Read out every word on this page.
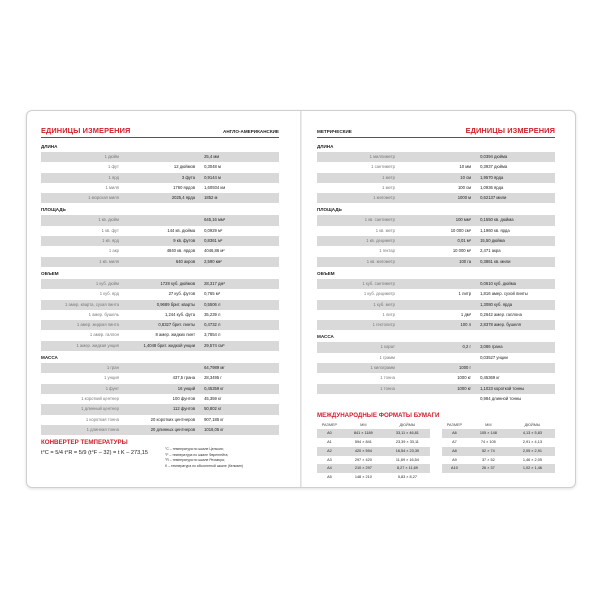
ЕДИНИЦЫ ИЗМЕРЕНИЯ	АНГЛО-АМЕРИКАНСКИЕ
ДЛИНА
1 дюйм		25,4 мм
1 фут	12 дюймов	0,3048 м
1 ярд	3 фута	0,9144 м
1 миля	1760 ярдов	1,60934 км
1 морская миля	2025,4 ярда	1852 м
ПЛОЩАДЬ
1 кв. дюйм		645,16 мм²
1 кв. фут	144 кв. дюйма	0,0929 м²
1 кв. ярд	9 кв. футов	0,8361 м²
1 акр	4840 кв. ярдов	4046,86 м²
1 кв. миля	640 акров	2,590 км²
ОБЪЕМ
1 куб. дюйм	1728 куб. дюймов	28,317 дм³
1 куб. ярд	27 куб. футов	0,765 м³
1 амер. кварта, сухая пинта	0,9689 брит. кварты	0,5506 л
1 амер. бушель	1,244 куб. фута	35,239 л
1 амер. жидкая пинта	0,8327 брит. пинты	0,4732 л
1 амер. галлон	8 амер. жидких пинт	3,7854 л
1 амер. жидкая унция	1,4048 брит. жидкой унции	29,574 см³
МАССА
1 гран		64,7989 мг
1 унция	437,5 грана	28,3495 г
1 фунт	16 унций	0,45359 кг
1 короткий центнер	100 фунтов	45,359 кг
1 длинный центнер	112 фунтов	50,802 кг
1 короткая тонна	20 коротких центнеров	907,185 кг
1 длинная тонна	20 длинных центнеров	1016,05 кг
КОНВЕРТЕР ТЕМПЕРАТУРЫ
t°C = 5/4 t°R = 5/9 (t°F – 32) = t K – 273,15
°C – температура по шкале Цельсия;
°F – температура по шкале Фаренгейта;
°R – температура по шкале Реомюра;
K – температура по абсолютной шкале (Кельвин)
МЕТРИЧЕСКИЕ	ЕДИНИЦЫ ИЗМЕРЕНИЯ
ДЛИНА
1 миллиметр		0,0394 дюйма
1 сантиметр	10 мм	0,3937 дюйма
1 метр	10 см	1,9570 ярда
1 метр	100 см	1,0936 ярда
1 километр	1000 м	0,62137 мили
ПЛОЩАДЬ
1 кв. сантиметр	100 мм²	0,1550 кв. дюйма
1 кв. метр	10 000 см²	1,1960 кв. ярда
1 кв. дециметр	0,01 м²	15,50 дюйма
1 гектар	10 000 м²	2,471 акра
1 кв. километр	100 га	0,3861 кв. мили
ОБЪЕМ
1 куб. сантиметр		0,0610 куб. дюйма
1 куб. дециметр	1 литр	1,816 амер. сухой пинты
1 куб. метр		1,3080 куб. ярда
1 литр	1 дм³	0,2642 амер. галлона
1 гектолитр	100 л	2,8378 амер. бушеля
МАССА
1 карат	0,2 г	3,086 грана
1 грамм		0,03527 унции
1 килограмм	1000 г	
1 тонна	1000 кг	0,45369 кг
1 тонна	1000 кг	1,1023 короткой тонны
		0,984 длинной тонны
МЕЖДУНАРОДНЫЕ ФОРМАТЫ БУМАГИ
РАЗМЕР	ММ	ДЮЙМЫ
A0	841 × 1189	33,11 × 46,81
A1	594 × 841	23,39 × 33,11
A2	420 × 594	16,54 × 23,39
A3	297 × 420	11,69 × 16,54
A4	210 × 297	8,27 × 11,69
A5	148 × 210	5,83 × 8,27
РАЗМЕР	ММ	ДЮЙМЫ
A6	105 × 148	4,13 × 5,83
A7	74 × 105	2,91 × 4,13
A8	52 × 74	2,05 × 2,91
A9	37 × 52	1,46 × 2,05
A10	26 × 37	1,02 × 1,46
